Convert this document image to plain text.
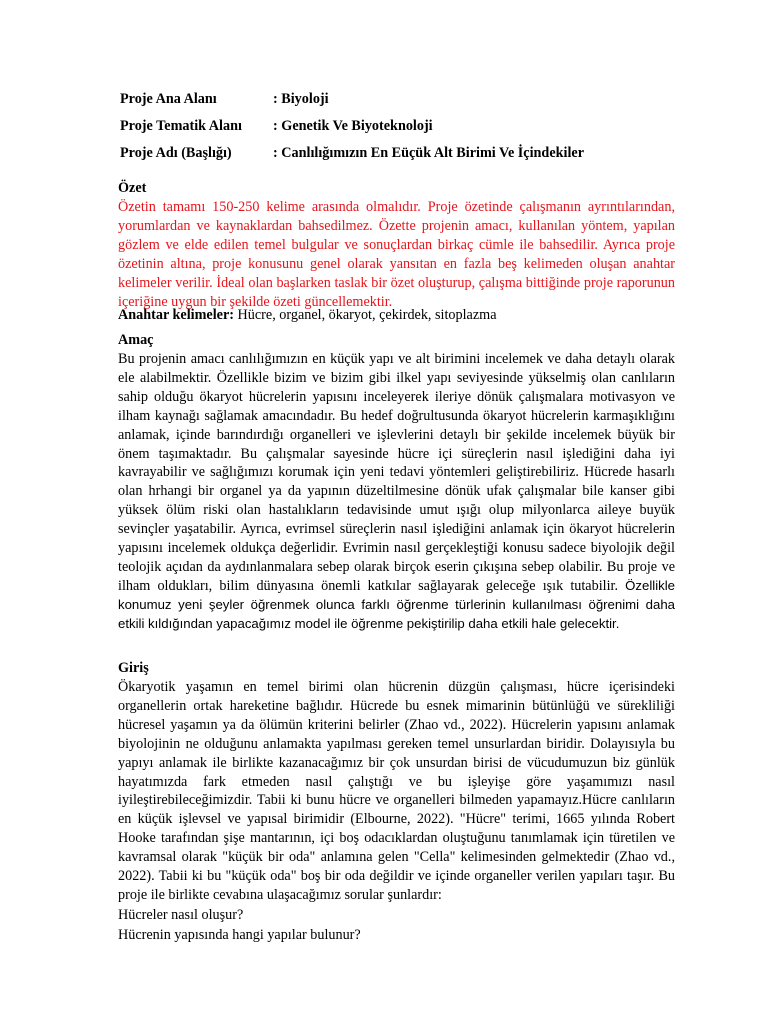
Proje Ana Alanı	: Biyoloji
Proje Tematik Alanı	: Genetik Ve Biyoteknoloji
Proje Adı (Başlığı)	: Canlılığımızın En Eüçük Alt Birimi Ve İçindekiler
Özet

Özetin tamamı 150-250 kelime arasında olmalıdır. Proje özetinde çalışmanın ayrıntılarından, yorumlardan ve kaynaklardan bahsedilmez. Özette projenin amacı, kullanılan yöntem, yapılan gözlem ve elde edilen temel bulgular ve sonuçlardan birkaç cümle ile bahsedilir. Ayrıca proje özetinin altına, proje konusunu genel olarak yansıtan en fazla beş kelimeden oluşan anahtar kelimeler verilir. İdeal olan başlarken taslak bir özet oluşturup, çalışma bittiğinde proje raporunun içeriğine uygun bir şekilde özeti güncellemektir.

Anahtar kelimeler: Hücre, organel, ökaryot, çekirdek, sitoplazma
Amaç

Bu projenin amacı canlılığımızın en küçük yapı ve alt birimini incelemek ve daha detaylı olarak ele alabilmektir. Özellikle bizim ve bizim gibi ilkel yapı seviyesinde yükselmiş olan canlıların sahip olduğu ökaryot hücrelerin yapısını inceleyerek ileriye dönük çalışmalara motivasyon ve ilham kaynağı sağlamak amacındadır. Bu hedef doğrultusunda ökaryot hücrelerin karmaşıklığını anlamak, içinde barındırdığı organelleri ve işlevlerini detaylı bir şekilde incelemek büyük bir önem taşımaktadır. Bu çalışmalar sayesinde hücre içi süreçlerin nasıl işlediğini daha iyi kavrayabilir ve sağlığımızı korumak için yeni tedavi yöntemleri geliştirebiliriz. Hücrede hasarlı olan hrhangi bir organel ya da yapının düzeltilmesine dönük ufak çalışmalar bile kanser gibi yüksek ölüm riski olan hastalıkların tedavisinde umut ışığı olup milyonlarca aileye buyük sevinçler yaşatabilir. Ayrıca, evrimsel süreçlerin nasıl işlediğini anlamak için ökaryot hücrelerin yapısını incelemek oldukça değerlidir. Evrimin nasıl gerçekleştiği konusu sadece biyolojik değil teolojik açıdan da aydınlanmalara sebep olarak birçok eserin çıkışına sebep olabilir. Bu proje ve ilham oldukları, bilim dünyasına önemli katkılar sağlayarak geleceğe ışık tutabilir. Özellikle konumuz yeni şeyler öğrenmek olunca farklı öğrenme türlerinin kullanılması öğrenimi daha etkili kıldığından yapacağımız model ile öğrenme pekiştirilip daha etkili hale gelecektir.

Giriş

Ökaryotik yaşamın en temel birimi olan hücrenin düzgün çalışması, hücre içerisindeki organellerin ortak hareketine bağlıdır. Hücrede bu esnek mimarinin bütünlüğü ve sürekliliği hücresel yaşamın ya da ölümün kriterini belirler (Zhao vd., 2022). Hücrelerin yapısını anlamak biyolojinin ne olduğunu anlamakta yapılması gereken temel unsurlardan biridir. Dolayısıyla bu yapıyı anlamak ile birlikte kazanacağımız bir çok unsurdan birisi de vücudumuzun biz günlük hayatımızda fark etmeden nasıl çalıştığı ve bu işleyişe göre yaşamımızı nasıl iyileştirebileceğimizdir. Tabii ki bunu hücre ve organelleri bilmeden yapamayız.Hücre canlıların en küçük işlevsel ve yapısal birimidir (Elbourne, 2022). "Hücre" terimi, 1665 yılında Robert Hooke tarafından şişe mantarının, içi boş odacıklardan oluştuğunu tanımlamak için türetilen ve kavramsal olarak "küçük bir oda" anlamına gelen "Cella" kelimesinden gelmektedir (Zhao vd., 2022). Tabii ki bu "küçük oda" boş bir oda değildir ve içinde organeller verilen yapıları taşır. Bu proje ile birlikte cevabına ulaşacağımız sorular şunlardır:

Hücreler nasıl oluşur?
Hücrenin yapısında hangi yapılar bulunur?
